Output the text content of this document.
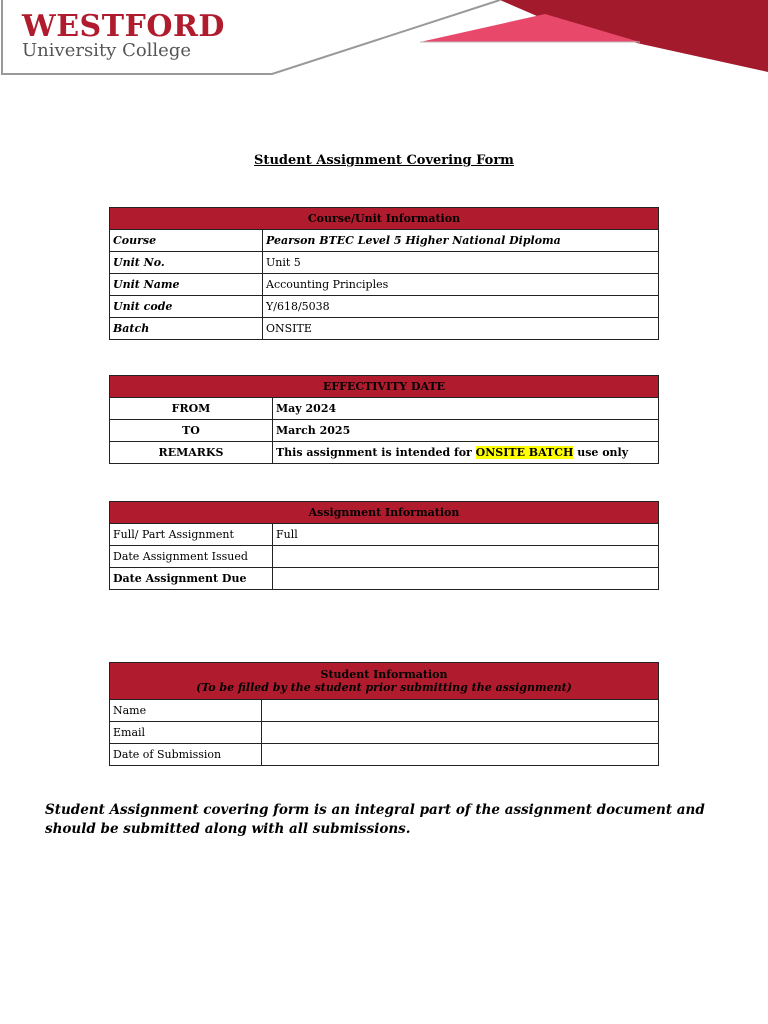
WESTFORD
University College
Student Assignment Covering Form
Course/Unit Information	
Course	Pearson BTEC Level 5 Higher National Diploma
Unit No.	Unit 5
Unit Name	Accounting Principles
Unit code	Y/618/5038
Batch	ONSITE
EFFECTIVITY DATE	
FROM	May 2024
TO	March 2025
REMARKS	This assignment is intended for ONSITE BATCH use only
Assignment Information	
Full/ Part Assignment	Full
Date Assignment Issued	
Date Assignment Due	
Student Information
(To be filled by the student prior submitting the assignment)	

Name	
Email	
Date of Submission	
Student Assignment covering form is an integral part of the assignment document and should be submitted along with all submissions.
